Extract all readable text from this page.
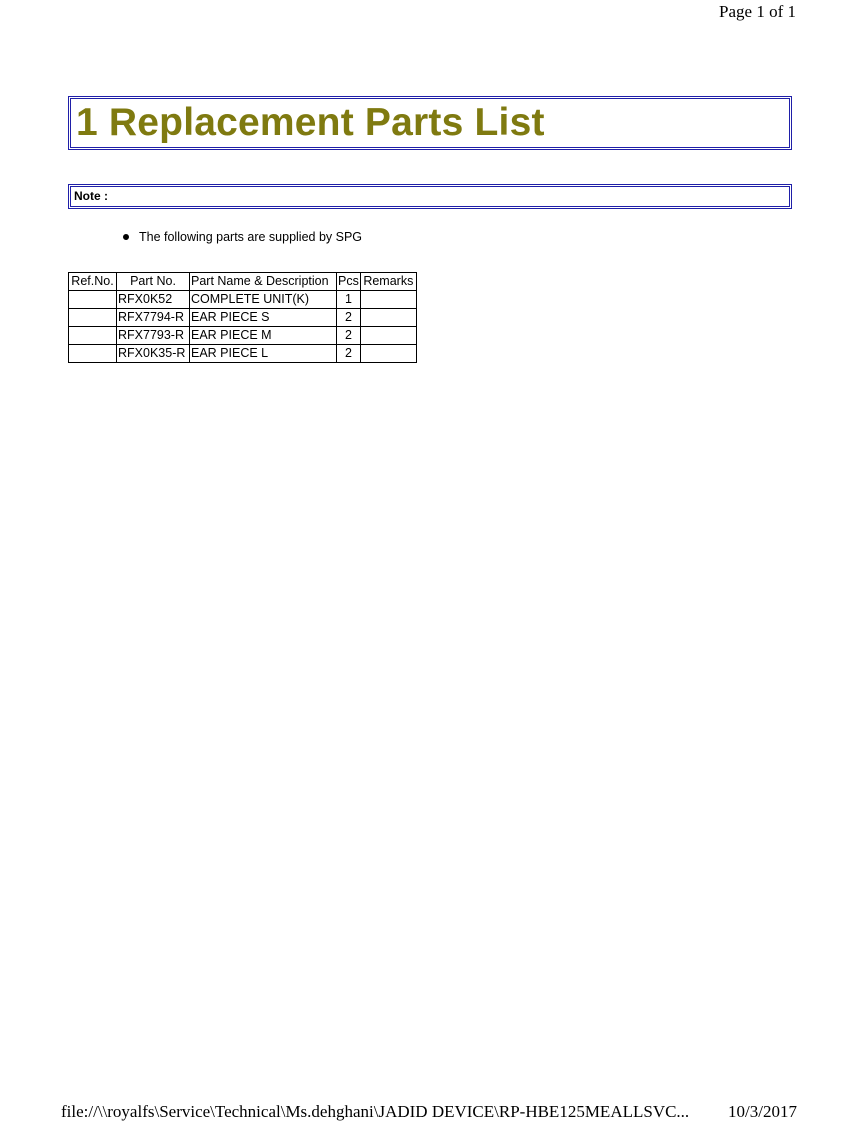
Page 1 of 1
1 Replacement Parts List
Note :
The following parts are supplied by SPG
Ref.No.	Part No.	Part Name & Description	Pcs	Remarks
	RFX0K52	COMPLETE UNIT(K)	1	
	RFX7794-R	EAR PIECE S	2	
	RFX7793-R	EAR PIECE M	2	
	RFX0K35-R	EAR PIECE L	2	
file://\\royalfs\Service\Technical\Ms.dehghani\JADID DEVICE\RP-HBE125MEALLSVC... 10/3/2017
